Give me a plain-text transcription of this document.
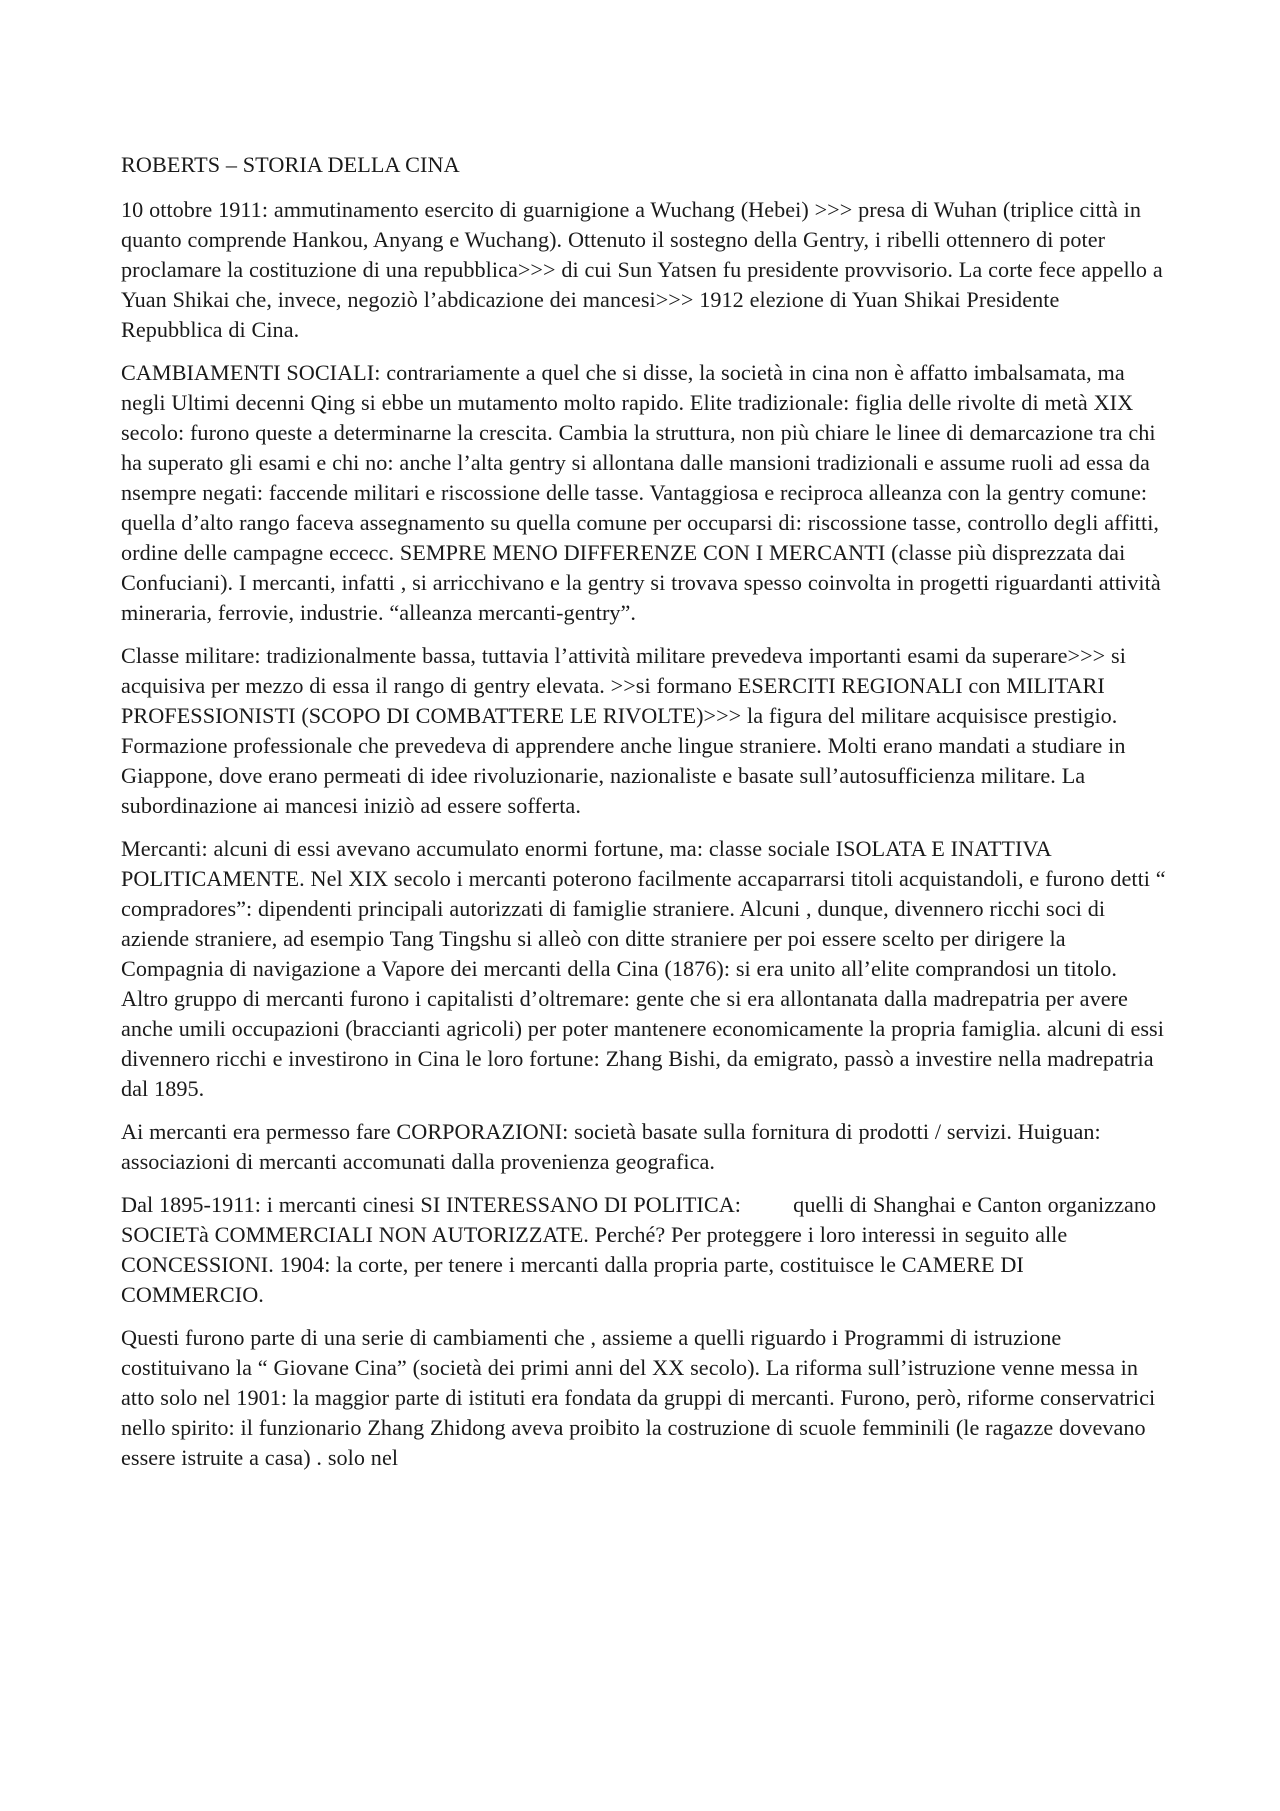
ROBERTS – STORIA DELLA CINA

10 ottobre 1911: ammutinamento esercito di guarnigione a Wuchang (Hebei) >>> presa di Wuhan (triplice città in quanto comprende Hankou, Anyang e Wuchang). Ottenuto il sostegno della Gentry, i ribelli ottennero di poter proclamare la costituzione di una repubblica>>> di cui Sun Yatsen fu presidente provvisorio. La corte fece appello a Yuan Shikai che, invece, negoziò l’abdicazione dei mancesi>>> 1912 elezione di Yuan Shikai Presidente Repubblica di Cina.

CAMBIAMENTI SOCIALI: contrariamente a quel che si disse, la società in cina non è affatto imbalsamata, ma negli Ultimi decenni Qing si ebbe un mutamento molto rapido. Elite tradizionale: figlia delle rivolte di metà XIX secolo: furono queste a determinarne la crescita. Cambia la struttura, non più chiare le linee di demarcazione tra chi ha superato gli esami e chi no: anche l’alta gentry si allontana dalle mansioni tradizionali e assume ruoli ad essa da nsempre negati: faccende militari e riscossione delle tasse. Vantaggiosa e reciproca alleanza con la gentry comune: quella d’alto rango faceva assegnamento su quella comune per occuparsi di: riscossione tasse, controllo degli affitti, ordine delle campagne eccecc. SEMPRE MENO DIFFERENZE CON I MERCANTI (classe più disprezzata dai Confuciani). I mercanti, infatti , si arricchivano e la gentry si trovava spesso coinvolta in progetti riguardanti attività mineraria, ferrovie, industrie. “alleanza mercanti-gentry”.

Classe militare: tradizionalmente bassa, tuttavia l’attività militare prevedeva importanti esami da superare>>> si acquisiva per mezzo di essa il rango di gentry elevata. >>si formano ESERCITI REGIONALI con MILITARI PROFESSIONISTI (SCOPO DI COMBATTERE LE RIVOLTE)>>> la figura del militare acquisisce prestigio. Formazione professionale che prevedeva di apprendere anche lingue straniere. Molti erano mandati a studiare in Giappone, dove erano permeati di idee rivoluzionarie, nazionaliste e basate sull’autosufficienza militare. La subordinazione ai mancesi iniziò ad essere sofferta.

Mercanti: alcuni di essi avevano accumulato enormi fortune, ma: classe sociale ISOLATA E INATTIVA POLITICAMENTE. Nel XIX secolo i mercanti poterono facilmente accaparrarsi titoli acquistandoli, e furono detti “ compradores”: dipendenti principali autorizzati di famiglie straniere. Alcuni , dunque, divennero ricchi soci di aziende straniere, ad esempio Tang Tingshu si alleò con ditte straniere per poi essere scelto per dirigere la Compagnia di navigazione a Vapore dei mercanti della Cina (1876): si era unito all’elite comprandosi un titolo. Altro gruppo di mercanti furono i capitalisti d’oltremare: gente che si era allontanata dalla madrepatria per avere anche umili occupazioni (braccianti agricoli) per poter mantenere economicamente la propria famiglia. alcuni di essi divennero ricchi e investirono in Cina le loro fortune: Zhang Bishi, da emigrato, passò a investire nella madrepatria dal 1895.

Ai mercanti era permesso fare CORPORAZIONI: società basate sulla fornitura di prodotti / servizi. Huiguan: associazioni di mercanti accomunati dalla provenienza geografica.

Dal 1895-1911: i mercanti cinesi SI INTERESSANO DI POLITICA:         quelli di Shanghai e Canton organizzano SOCIETà COMMERCIALI NON AUTORIZZATE. Perché? Per proteggere i loro interessi in seguito alle CONCESSIONI. 1904: la corte, per tenere i mercanti dalla propria parte, costituisce le CAMERE DI COMMERCIO.

Questi furono parte di una serie di cambiamenti che , assieme a quelli riguardo i Programmi di istruzione costituivano la “ Giovane Cina” (società dei primi anni del XX secolo). La riforma sull’istruzione venne messa in atto solo nel 1901: la maggior parte di istituti era fondata da gruppi di mercanti. Furono, però, riforme conservatrici nello spirito: il funzionario Zhang Zhidong aveva proibito la costruzione di scuole femminili (le ragazze dovevano essere istruite a casa) . solo nel
